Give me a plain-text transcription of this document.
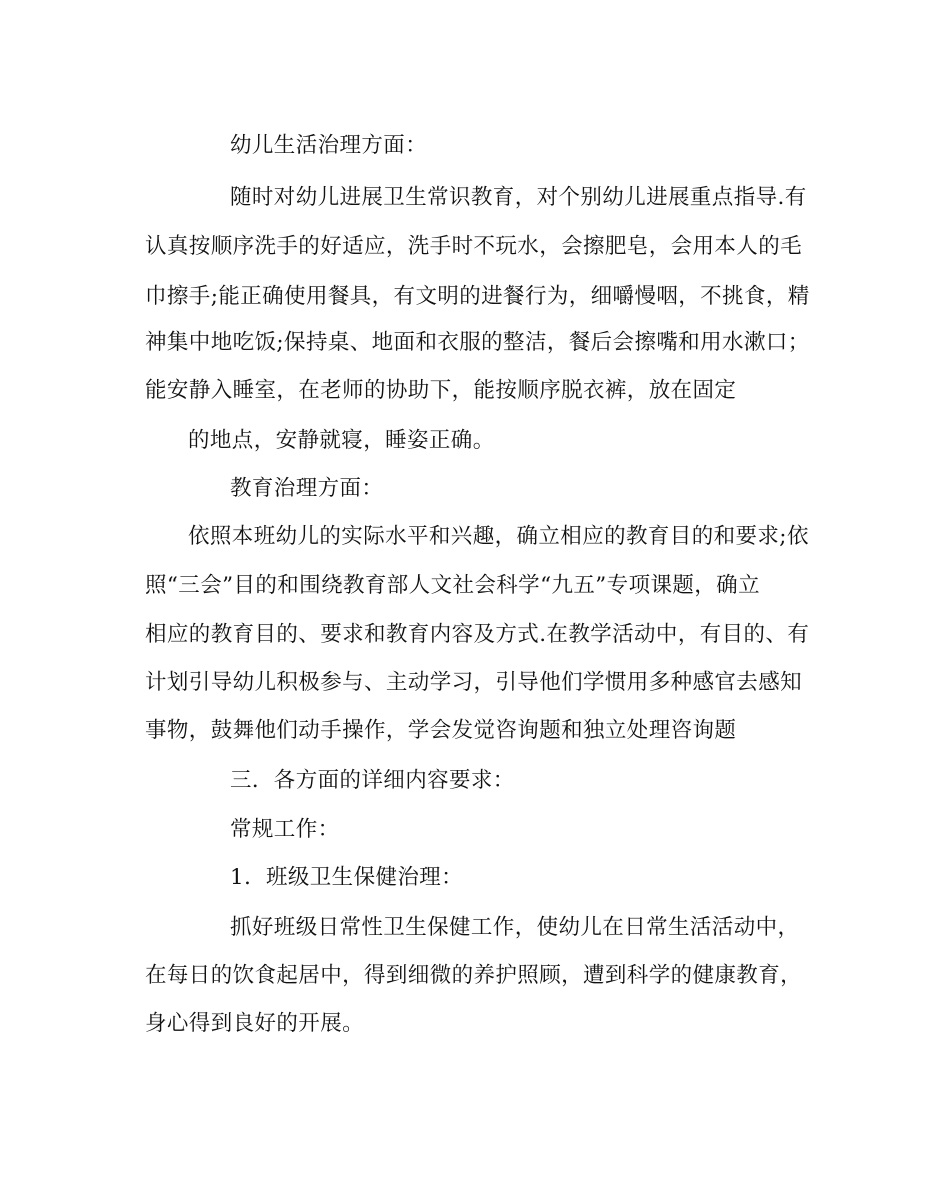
幼儿生活治理方面：
随时对幼儿进展卫生常识教育，对个别幼儿进展重点指导.有
认真按顺序洗手的好适应，洗手时不玩水，会擦肥皂，会用本人的毛
巾擦手;能正确使用餐具，有文明的进餐行为，细嚼慢咽，不挑食，精
神集中地吃饭;保持桌、地面和衣服的整洁，餐后会擦嘴和用水漱口；
能安静入睡室，在老师的协助下，能按顺序脱衣裤，放在固定
的地点，安静就寝，睡姿正确。
教育治理方面：
依照本班幼儿的实际水平和兴趣，确立相应的教育目的和要求;依
照“三会”目的和围绕教育部人文社会科学“九五”专项课题，确立
相应的教育目的、要求和教育内容及方式.在教学活动中，有目的、有
计划引导幼儿积极参与、主动学习，引导他们学惯用多种感官去感知
事物，鼓舞他们动手操作，学会发觉咨询题和独立处理咨询题
三．各方面的详细内容要求：
常规工作：
1．班级卫生保健治理：
抓好班级日常性卫生保健工作，使幼儿在日常生活活动中，
在每日的饮食起居中，得到细微的养护照顾，遭到科学的健康教育，
身心得到良好的开展。
